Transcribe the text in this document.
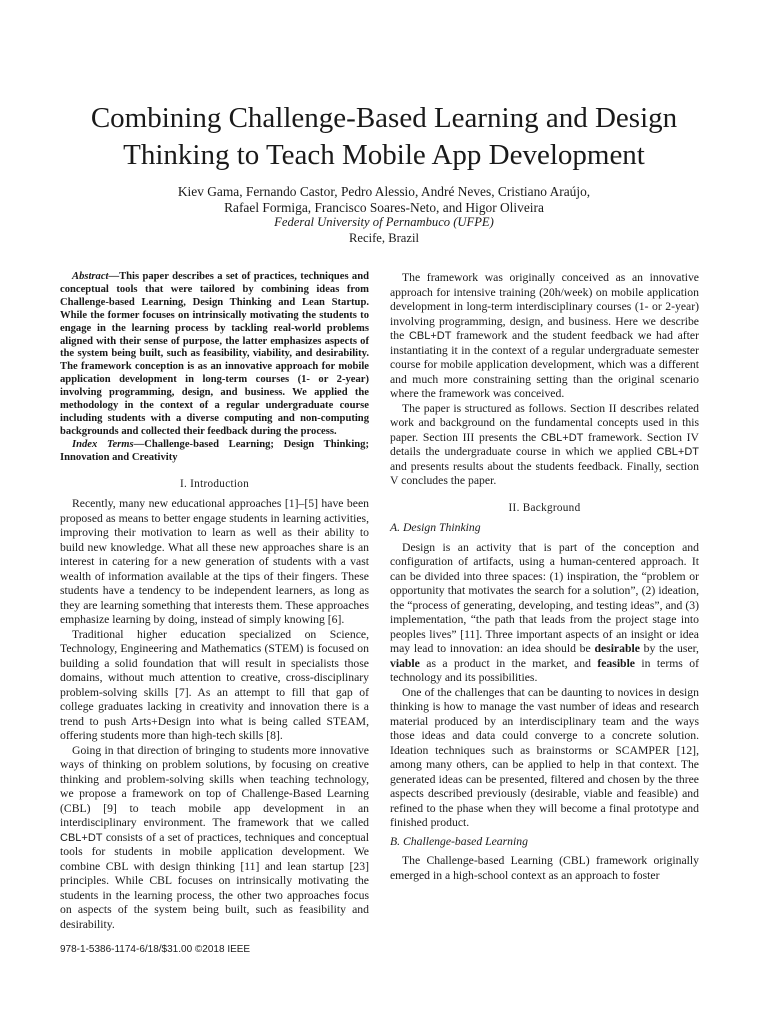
Combining Challenge-Based Learning and Design Thinking to Teach Mobile App Development
Kiev Gama, Fernando Castor, Pedro Alessio, André Neves, Cristiano Araújo,
Rafael Formiga, Francisco Soares-Neto, and Higor Oliveira
Federal University of Pernambuco (UFPE)
Recife, Brazil

Abstract—This paper describes a set of practices, techniques and conceptual tools that were tailored by combining ideas from Challenge-based Learning, Design Thinking and Lean Startup. While the former focuses on intrinsically motivating the students to engage in the learning process by tackling real-world problems aligned with their sense of purpose, the latter emphasizes aspects of the system being built, such as feasibility, viability, and desirability. The framework conception is as an innovative approach for mobile application development in long-term courses (1- or 2-year) involving programming, design, and business. We applied the methodology in the context of a regular undergraduate course including students with a diverse computing and non-computing backgrounds and collected their feedback during the process.

Index Terms—Challenge-based Learning; Design Thinking; Innovation and Creativity

I. Introduction

Recently, many new educational approaches [1]–[5] have been proposed as means to better engage students in learning activities, improving their motivation to learn as well as their ability to build new knowledge. What all these new approaches share is an interest in catering for a new generation of students with a vast wealth of information available at the tips of their fingers. These students have a tendency to be independent learners, as long as they are learning something that interests them. These approaches emphasize learning by doing, instead of simply knowing [6].

Traditional higher education specialized on Science, Technology, Engineering and Mathematics (STEM) is focused on building a solid foundation that will result in specialists those domains, without much attention to creative, cross-disciplinary problem-solving skills [7]. As an attempt to fill that gap of college graduates lacking in creativity and innovation there is a trend to push Arts+Design into what is being called STEAM, offering students more than high-tech skills [8].

Going in that direction of bringing to students more innovative ways of thinking on problem solutions, by focusing on creative thinking and problem-solving skills when teaching technology, we propose a framework on top of Challenge-Based Learning (CBL) [9] to teach mobile app development in an interdisciplinary environment. The framework that we called CBL+DT consists of a set of practices, techniques and conceptual tools for students in mobile application development. We combine CBL with design thinking [11] and lean startup [23] principles. While CBL focuses on intrinsically motivating the students in the learning process, the other two approaches focus on aspects of the system being built, such as feasibility and desirability.

The framework was originally conceived as an innovative approach for intensive training (20h/week) on mobile application development in long-term interdisciplinary courses (1- or 2-year) involving programming, design, and business. Here we describe the CBL+DT framework and the student feedback we had after instantiating it in the context of a regular undergraduate semester course for mobile application development, which was a different and much more constraining setting than the original scenario where the framework was conceived.

The paper is structured as follows. Section II describes related work and background on the fundamental concepts used in this paper. Section III presents the CBL+DT framework. Section IV details the undergraduate course in which we applied CBL+DT and presents results about the students feedback. Finally, section V concludes the paper.

II. Background
A. Design Thinking

Design is an activity that is part of the conception and configuration of artifacts, using a human-centered approach. It can be divided into three spaces: (1) inspiration, the “problem or opportunity that motivates the search for a solution”, (2) ideation, the “process of generating, developing, and testing ideas”, and (3) implementation, “the path that leads from the project stage into peoples lives” [11]. Three important aspects of an insight or idea may lead to innovation: an idea should be desirable by the user, viable as a product in the market, and feasible in terms of technology and its possibilities.

One of the challenges that can be daunting to novices in design thinking is how to manage the vast number of ideas and research material produced by an interdisciplinary team and the ways those ideas and data could converge to a concrete solution. Ideation techniques such as brainstorms or SCAMPER [12], among many others, can be applied to help in that context. The generated ideas can be presented, filtered and chosen by the three aspects described previously (desirable, viable and feasible) and refined to the phase when they will become a final prototype and finished product.

B. Challenge-based Learning

The Challenge-based Learning (CBL) framework originally emerged in a high-school context as an approach to foster

978-1-5386-1174-6/18/$31.00 ©2018 IEEE
